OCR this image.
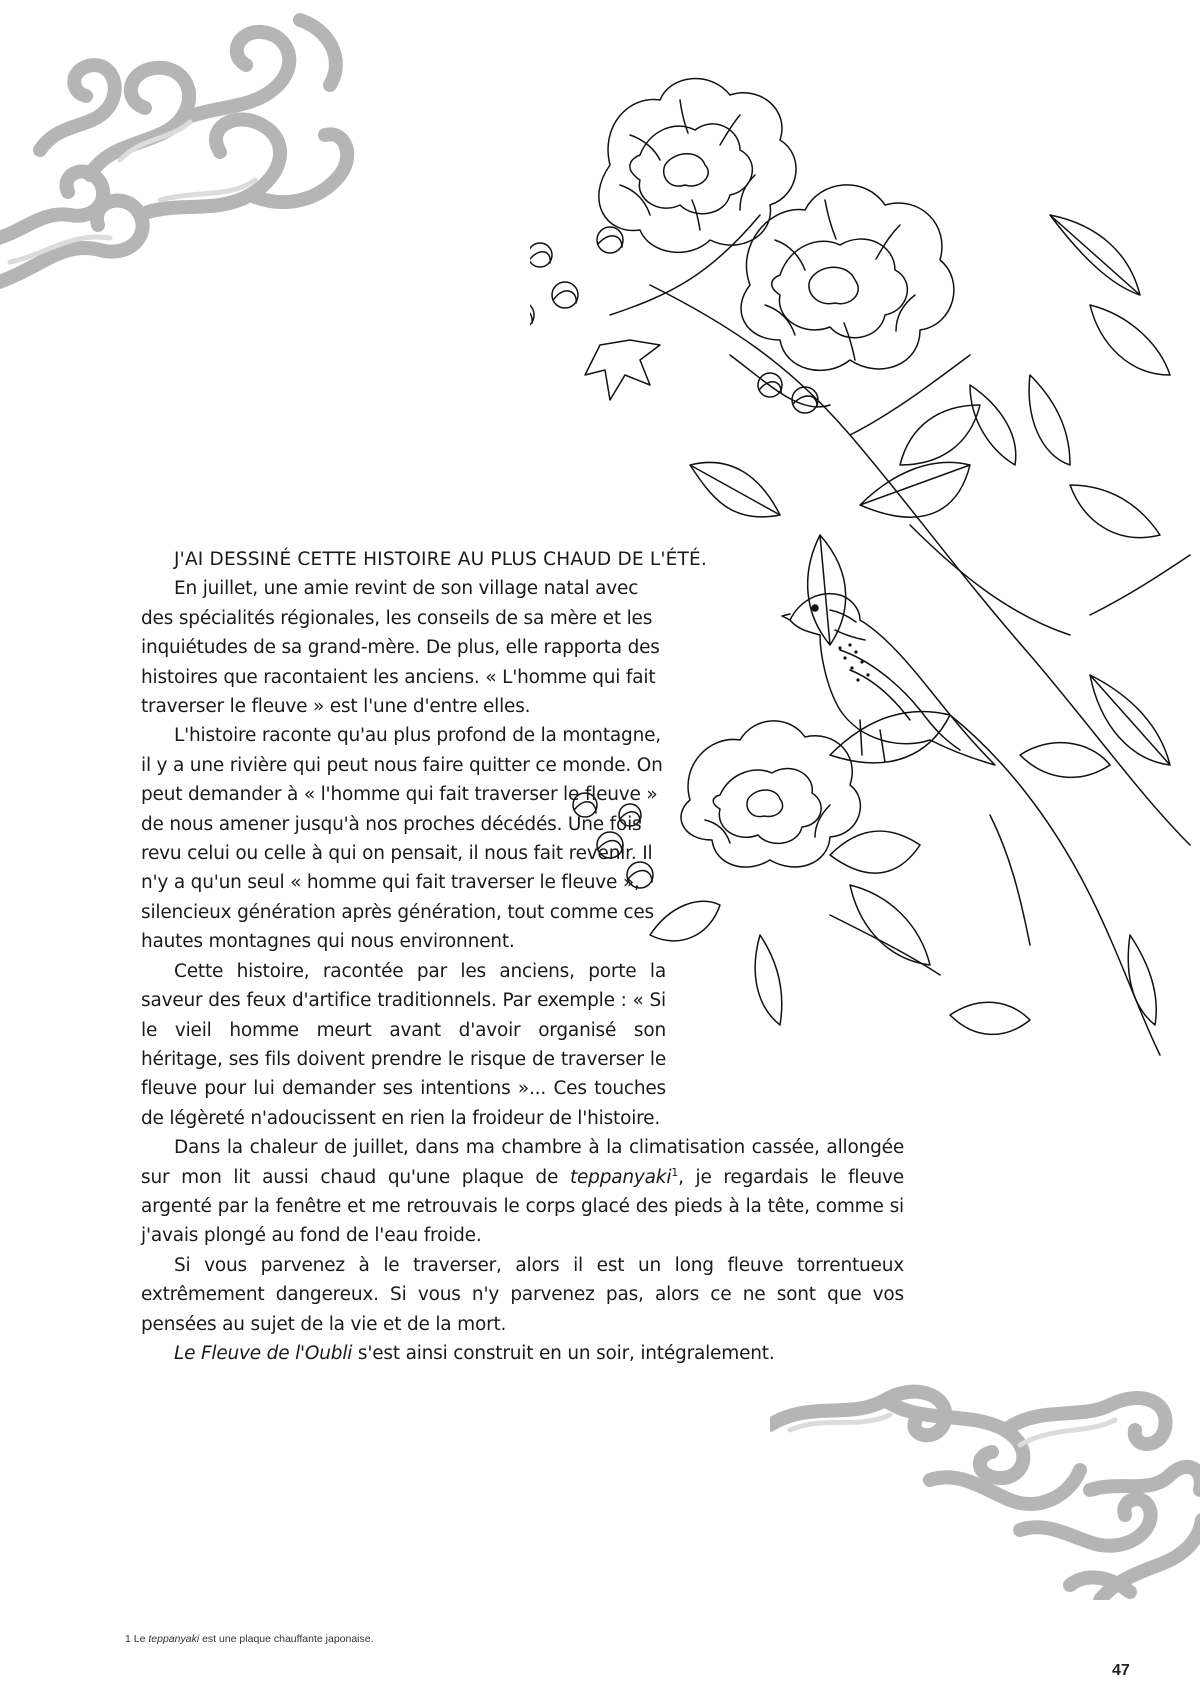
J'AI DESSINÉ CETTE HISTOIRE AU PLUS CHAUD DE L'ÉTÉ.

En juillet, une amie revint de son village natal avec des spécialités régionales, les conseils de sa mère et les inquiétudes de sa grand-mère. De plus, elle rapporta des histoires que racontaient les anciens. « L'homme qui fait traverser le fleuve » est l'une d'entre elles.

L'histoire raconte qu'au plus profond de la montagne, il y a une rivière qui peut nous faire quitter ce monde. On peut demander à « l'homme qui fait traverser le fleuve » de nous amener jusqu'à nos proches décédés. Une fois revu celui ou celle à qui on pensait, il nous fait revenir. Il n'y a qu'un seul « homme qui fait traverser le fleuve », silencieux génération après génération, tout comme ces hautes montagnes qui nous environnent.

Cette histoire, racontée par les anciens, porte la saveur des feux d'artifice traditionnels. Par exemple : « Si le vieil homme meurt avant d'avoir organisé son héritage, ses fils doivent prendre le risque de traverser le fleuve pour lui demander ses intentions »... Ces touches de légèreté n'adoucissent en rien la froideur de l'histoire.

Dans la chaleur de juillet, dans ma chambre à la climatisation cassée, allongée sur mon lit aussi chaud qu'une plaque de teppanyaki$^1$, je regardais le fleuve argenté par la fenêtre et me retrouvais le corps glacé des pieds à la tête, comme si j'avais plongé au fond de l'eau froide.

Si vous parvenez à le traverser, alors il est un long fleuve torrentueux extrêmement dangereux. Si vous n'y parvenez pas, alors ce ne sont que vos pensées au sujet de la vie et de la mort.

Le Fleuve de l'Oubli s'est ainsi construit en un soir, intégralement.

1 Le teppanyaki est une plaque chauffante japonaise.
47
